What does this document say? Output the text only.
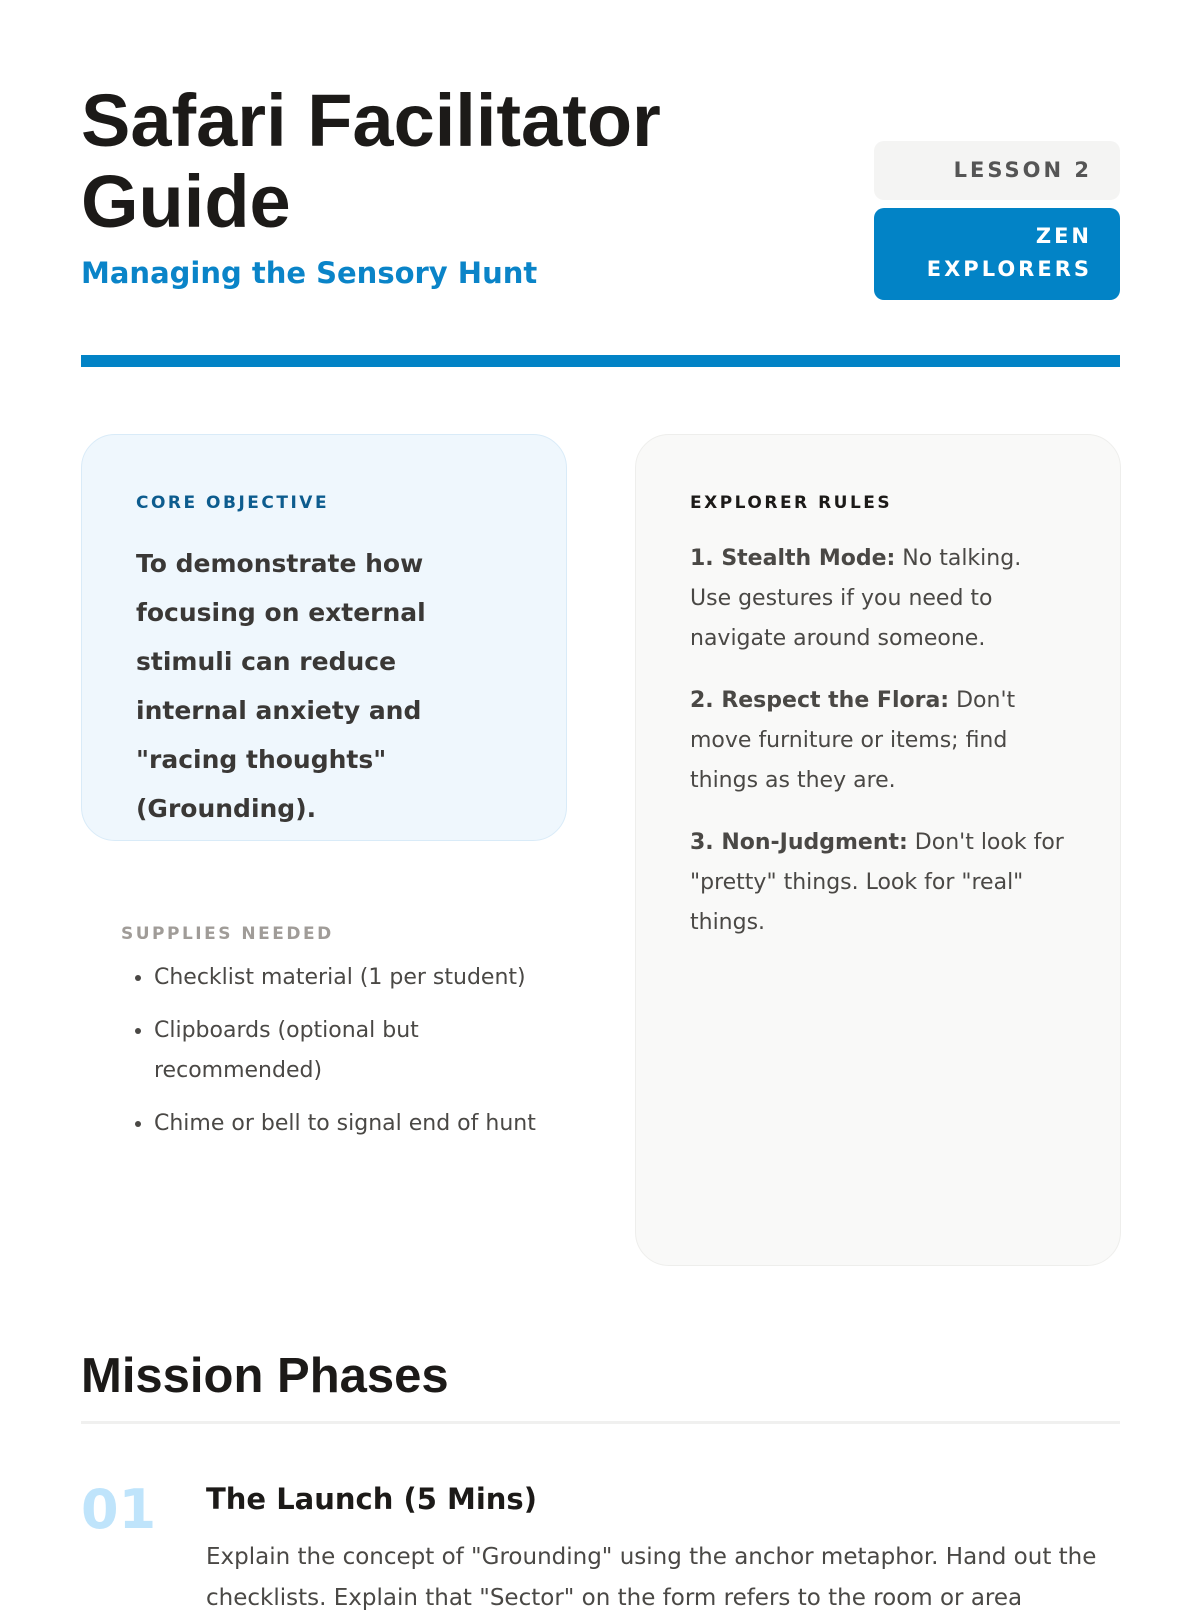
Safari Facilitator Guide
Managing the Sensory Hunt
LESSON 2
ZEN EXPLORERS
CORE OBJECTIVE

To demonstrate how focusing on external stimuli can reduce internal anxiety and "racing thoughts" (Grounding).

EXPLORER RULES

1. Stealth Mode: No talking. Use gestures if you need to navigate around someone.

2. Respect the Flora: Don't move furniture or items; find things as they are.

3. Non-Judgment: Don't look for "pretty" things. Look for "real" things.

SUPPLIES NEEDED
• Checklist material (1 per student)
• Clipboards (optional but recommended)
• Chime or bell to signal end of hunt
Mission Phases
01 The Launch (5 Mins)
Explain the concept of "Grounding" using the anchor metaphor. Hand out the checklists. Explain that "Sector" on the form refers to the room or area
